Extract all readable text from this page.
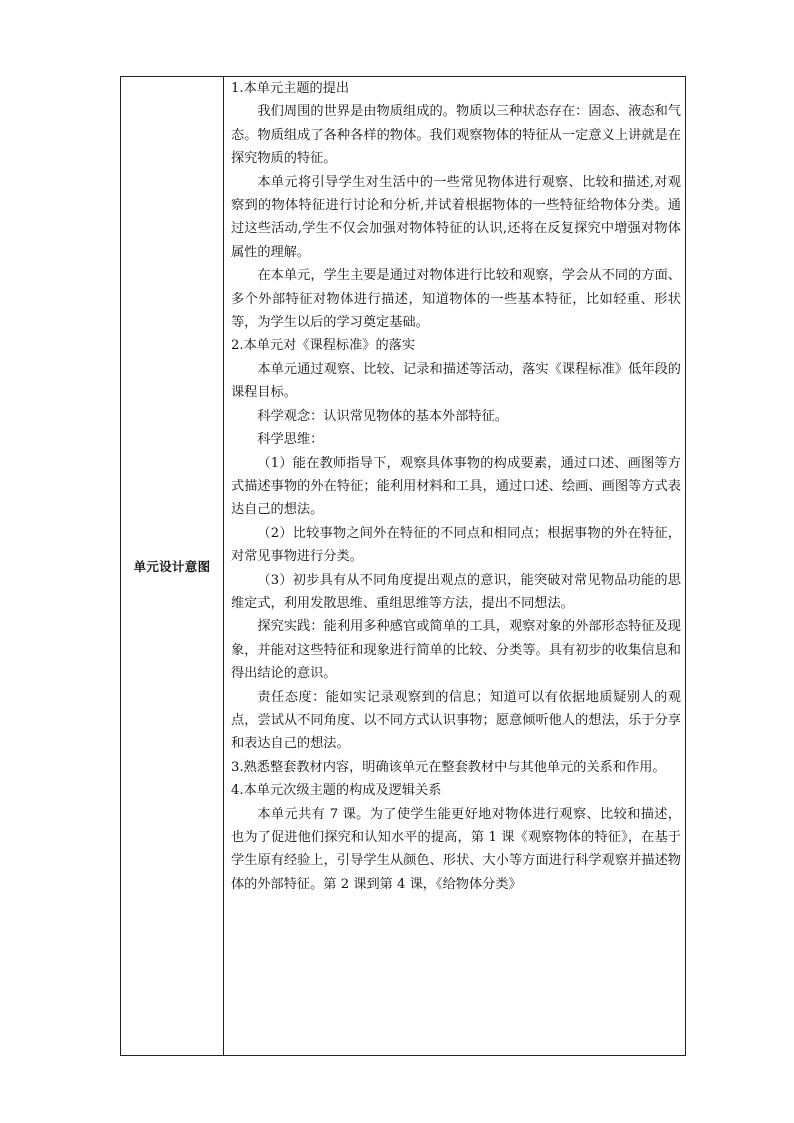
单元设计意图	

1.本单元主题的提出

我们周围的世界是由物质组成的。物质以三种状态存在：固态、液态和气态。物质组成了各种各样的物体。我们观察物体的特征从一定意义上讲就是在探究物质的特征。

本单元将引导学生对生活中的一些常见物体进行观察、比较和描述,对观察到的物体特征进行讨论和分析,并试着根据物体的一些特征给物体分类。通过这些活动,学生不仅会加强对物体特征的认识,还将在反复探究中增强对物体属性的理解。

在本单元，学生主要是通过对物体进行比较和观察，学会从不同的方面、多个外部特征对物体进行描述，知道物体的一些基本特征，比如轻重、形状等，为学生以后的学习奠定基础。

2.本单元对《课程标准》的落实

本单元通过观察、比较、记录和描述等活动，落实《课程标准》低年段的课程目标。

科学观念：认识常见物体的基本外部特征。

科学思维：

（1）能在教师指导下，观察具体事物的构成要素，通过口述、画图等方式描述事物的外在特征；能利用材料和工具，通过口述、绘画、画图等方式表达自己的想法。

（2）比较事物之间外在特征的不同点和相同点；根据事物的外在特征，对常见事物进行分类。

（3）初步具有从不同角度提出观点的意识，能突破对常见物品功能的思维定式，利用发散思维、重组思维等方法，提出不同想法。

探究实践：能利用多种感官或简单的工具，观察对象的外部形态特征及现象，并能对这些特征和现象进行简单的比较、分类等。具有初步的收集信息和得出结论的意识。

责任态度：能如实记录观察到的信息；知道可以有依据地质疑别人的观点，尝试从不同角度、以不同方式认识事物；愿意倾听他人的想法，乐于分享和表达自己的想法。

3.熟悉整套教材内容，明确该单元在整套教材中与其他单元的关系和作用。

4.本单元次级主题的构成及逻辑关系

本单元共有 7 课。为了使学生能更好地对物体进行观察、比较和描述，也为了促进他们探究和认知水平的提高，第 1 课《观察物体的特征》，在基于学生原有经验上，引导学生从颜色、形状、大小等方面进行科学观察并描述物体的外部特征。第 2 课到第 4 课，《给物体分类》
